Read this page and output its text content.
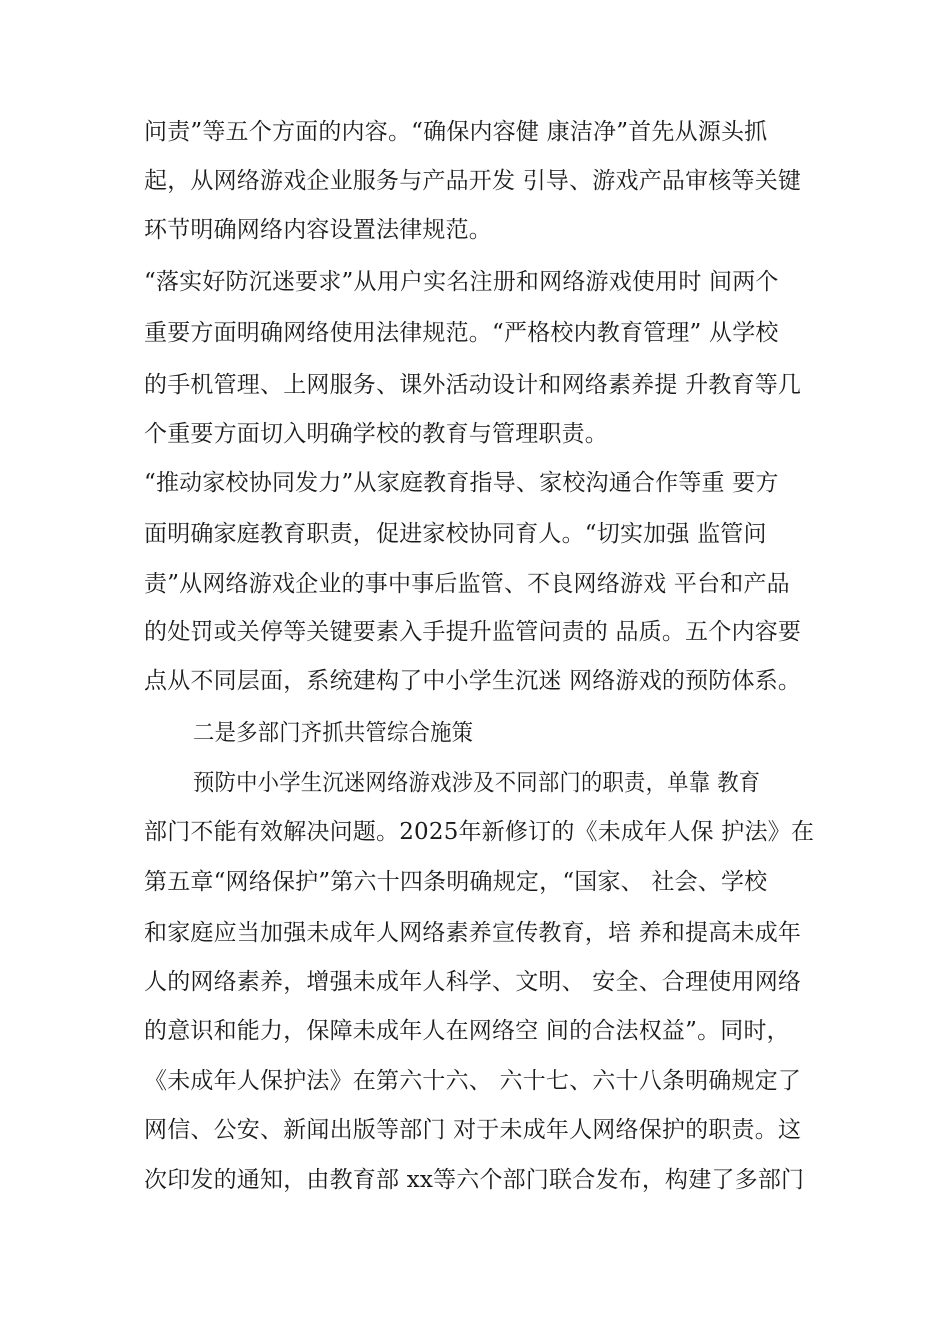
问责”等五个方面的内容。“确保内容健 康洁净”首先从源头抓
起，从网络游戏企业服务与产品开发 引导、游戏产品审核等关键
环节明确网络内容设置法律规范。
“落实好防沉迷要求”从用户实名注册和网络游戏使用时 间两个
重要方面明确网络使用法律规范。“严格校内教育管理” 从学校
的手机管理、上网服务、课外活动设计和网络素养提 升教育等几
个重要方面切入明确学校的教育与管理职责。
“推动家校协同发力”从家庭教育指导、家校沟通合作等重 要方
面明确家庭教育职责，促进家校协同育人。“切实加强 监管问
责”从网络游戏企业的事中事后监管、不良网络游戏 平台和产品
的处罚或关停等关键要素入手提升监管问责的 品质。五个内容要
点从不同层面，系统建构了中小学生沉迷 网络游戏的预防体系。
二是多部门齐抓共管综合施策
预防中小学生沉迷网络游戏涉及不同部门的职责，单靠 教育
部门不能有效解决问题。2025年新修订的《未成年人保 护法》在
第五章“网络保护”第六十四条明确规定，“国家、 社会、学校
和家庭应当加强未成年人网络素养宣传教育，培 养和提高未成年
人的网络素养，增强未成年人科学、文明、 安全、合理使用网络
的意识和能力，保障未成年人在网络空 间的合法权益”。同时，
《未成年人保护法》在第六十六、 六十七、六十八条明确规定了
网信、公安、新闻出版等部门 对于未成年人网络保护的职责。这
次印发的通知，由教育部 xx等六个部门联合发布，构建了多部门
